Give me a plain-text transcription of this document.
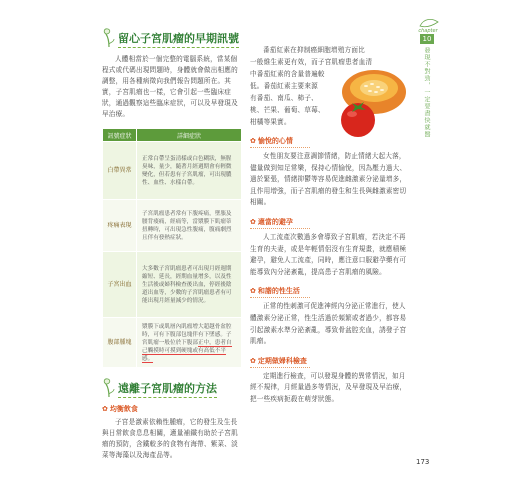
留心子宮肌瘤的早期訊號

人體相當於一個完整的電腦系統，當某個程式或代碼出現問題時，身體就會做出相應的調整，用各種病徵向我們報告問題所在。其實，子宮肌瘤也一樣，它會引起一些臨床症狀，通過觀察這些臨床症狀，可以及早發現及早治療。

訊號症狀	詳細症狀
白帶異常	正常白帶呈蛋清樣或白色糊狀，無腥臭味，量少，隨著月經週期會有輕微變化，但若患有子宮肌瘤，可出現膿性、血性、水樣白帶。
疼痛表現	子宮肌瘤患者常有下腹疼痛，墜脹及腰背痠痛，經痛等，當漿膜下肌瘤蒂扭轉時，可出現急性腹痛，腹痛劇烈且伴有發熱症狀。
子宮出血	大多數子宮肌瘤患者可出現月經週期縮短、延長，經期血量增多，以及性生活後或婦科檢查後出血，停經後陰道出血等，少數的子宮肌瘤患者有可能出現月經量減少的情況。
腹部腫塊	漿膜下或肌層內肌瘤增大超越骨盆腔時，可有下腹部包塊伴有下墜感。子宮肌瘤一般位於下腹部正中，患者自己觸摸時可摸到硬塊或有高低不平感。
遠離子宮肌瘤的方法
✿ 均衡飲食

子宮是激素依賴性腫瘤，它的發生及生長與日常飲食息息相關，適量補鐵有助於子宮肌瘤的預防，含鐵較多的食物有海帶、紫菜、淡菜等海藻以及海產品等。

番茄紅素在抑制癌細胞增殖方面比
一般維生素更有效，而子宮肌瘤患者血清
中番茄紅素的含量普遍較
低。番茄紅素主要來源
有番茄、南瓜、柿子、
桃、芒果、葡萄、草莓、
柑橘等果實。
✿ 愉悅的心情

女性朋友要注意調節情緒，防止情緒大起大落，儘量做到知足常樂，保持心情愉悅，因為壓力過大、過於緊張，情緒抑鬱等容易促進雌激素分泌量增多，且作用增強，而子宮肌瘤的發生和生長與雌激素密切相關。

✿ 適當的避孕

人工流產次數過多會導致子宮肌瘤，若決定不再生育的夫妻，或是年輕情侶沒有生育規畫，就應積極避孕，避免人工流產，同時，應注意口服避孕藥有可能導致內分泌紊亂，提高患子宮肌瘤的風險。

✿ 和諧的性生活

正常的性刺激可促進神經內分泌正常進行，使人體激素分泌正常，性生活過於頻繁或者過少，都容易引起激素水準分泌紊亂，導致骨盆腔充血，誘發子宮肌瘤。

✿ 定期做婦科檢查

定期進行檢查，可以發現身體的異常情況，如月經不規律，月經量過多等情況，及早發現及早治療，把一些疾病扼殺在萌芽狀態。

chapter
10
發現不對勁，一定要盡快就醫
173
